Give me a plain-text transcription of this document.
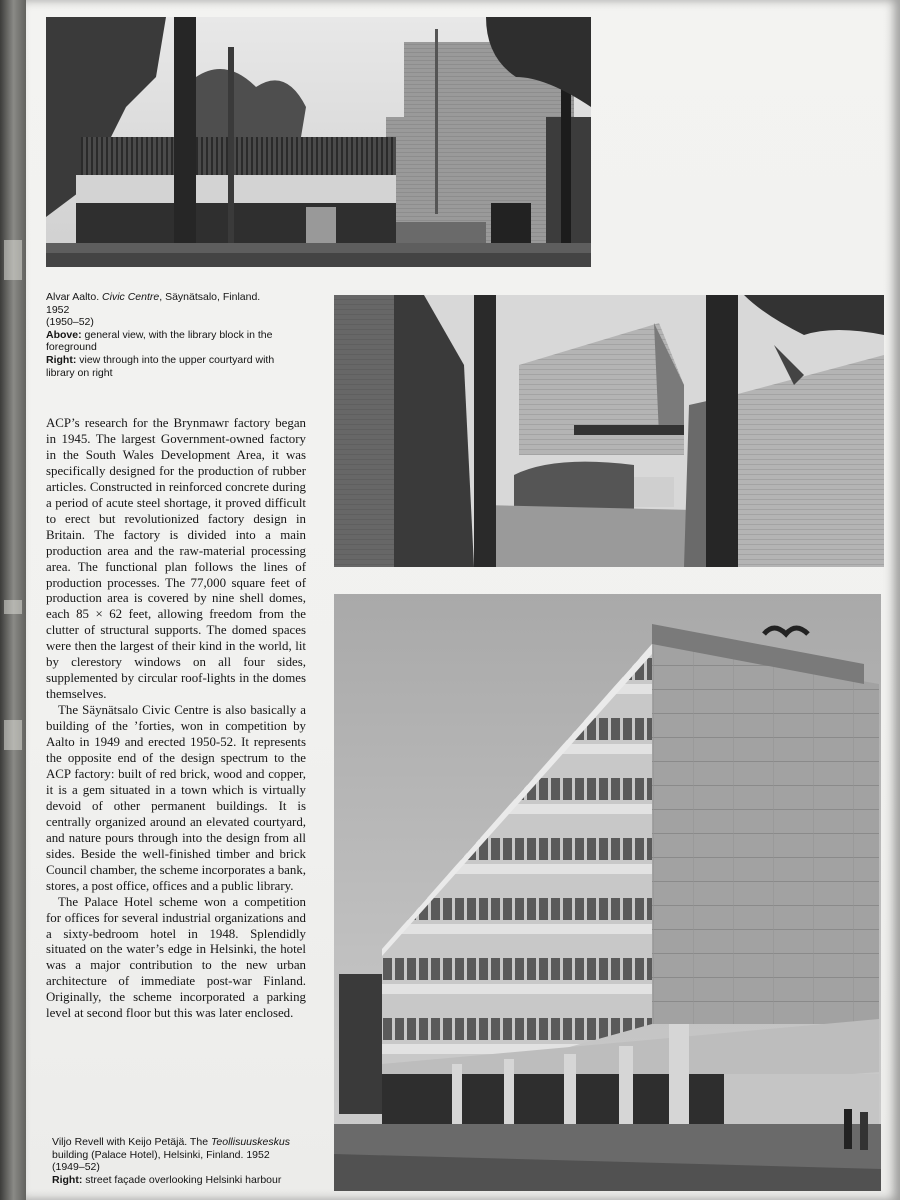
Alvar Aalto. Civic Centre, Säynätsalo, Finland. 1952

(1950–52)

Above: general view, with the library block in the foreground

Right: view through into the upper courtyard with library on right

ACP’s research for the Brynmawr factory began in 1945. The largest Government-owned factory in the South Wales Development Area, it was specifically designed for the production of rubber articles. Constructed in reinforced concrete during a period of acute steel shortage, it proved difficult to erect but revolutionized factory design in Britain. The factory is divided into a main production area and the raw-material processing area. The functional plan follows the lines of production processes. The 77,000 square feet of production area is covered by nine shell domes, each 85 × 62 feet, allowing freedom from the clutter of structural supports. The domed spaces were then the largest of their kind in the world, lit by clerestory windows on all four sides, supplemented by circular roof-lights in the domes themselves.

The Säynätsalo Civic Centre is also basically a building of the ’forties, won in competition by Aalto in 1949 and erected 1950-52. It represents the opposite end of the design spectrum to the ACP factory: built of red brick, wood and copper, it is a gem situated in a town which is virtually devoid of other permanent buildings. It is centrally organized around an elevated courtyard, and nature pours through into the design from all sides. Beside the well-finished timber and brick Council chamber, the scheme incorporates a bank, stores, a post office, offices and a public library.

The Palace Hotel scheme won a competition for offices for several industrial organizations and a sixty-bedroom hotel in 1948. Splendidly situated on the water’s edge in Helsinki, the hotel was a major contribution to the new urban architecture of immediate post-war Finland. Originally, the scheme incorporated a parking level at second floor but this was later enclosed.

Viljo Revell with Keijo Petäjä. The Teollisuuskeskus building (Palace Hotel), Helsinki, Finland. 1952

(1949–52)

Right: street façade overlooking Helsinki harbour
